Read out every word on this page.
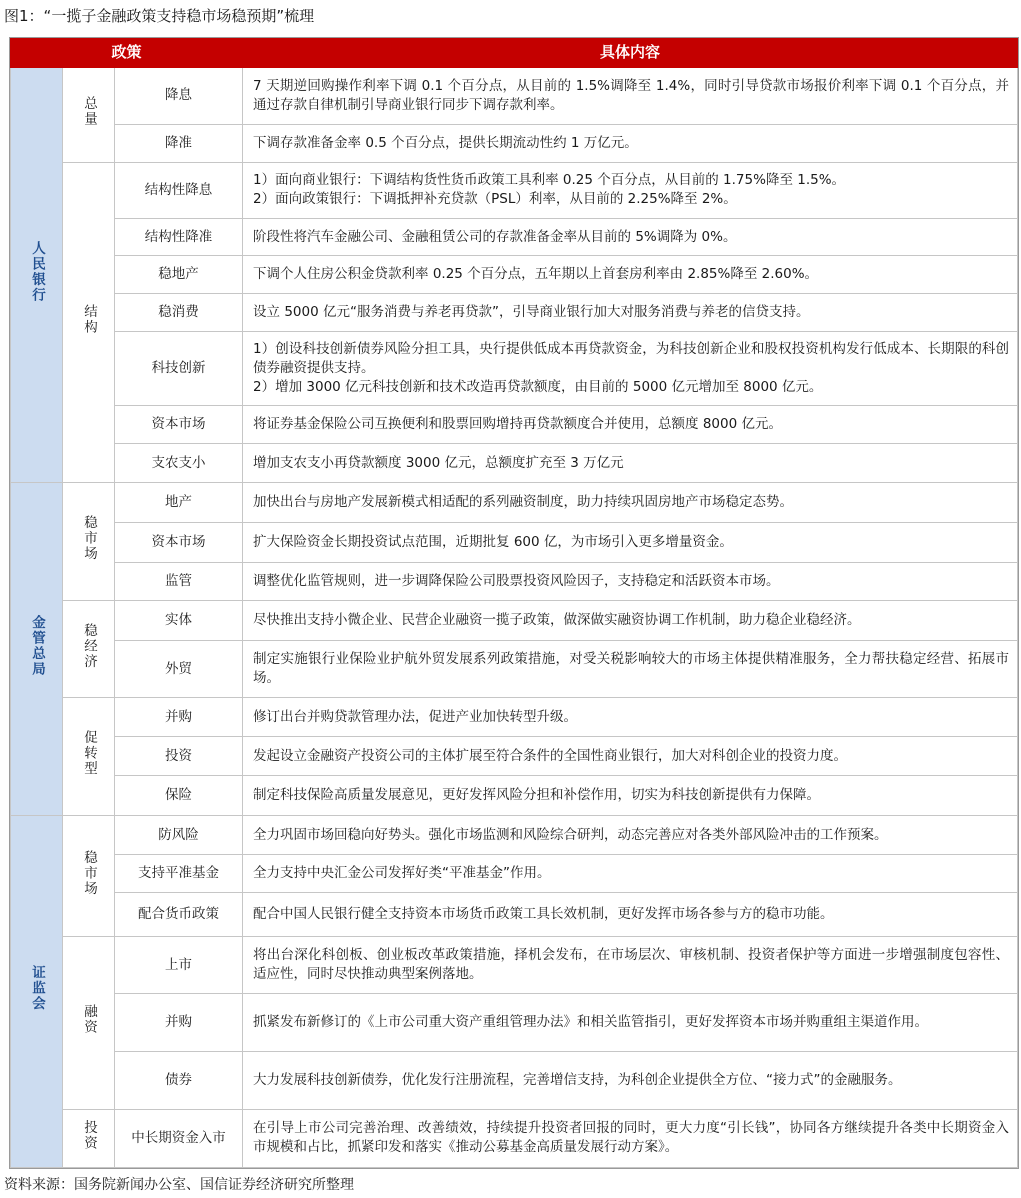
图1：“一揽子金融政策支持稳市场稳预期”梳理
政策			具体内容
人民银行	总量	降息	7 天期逆回购操作利率下调 0.1 个百分点，从目前的 1.5%调降至 1.4%，同时引导贷款市场报价利率下调 0.1 个百分点，并通过存款自律机制引导商业银行同步下调存款利率。

		降准	下调存款准备金率 0.5 个百分点，提供长期流动性约 1 万亿元。

	结构	结构性降息	1）面向商业银行：下调结构货性货币政策工具利率 0.25 个百分点，从目前的 1.75%降至 1.5%。
2）面向政策银行：下调抵押补充贷款（PSL）利率，从目前的 2.25%降至 2%。

		结构性降准	阶段性将汽车金融公司、金融租赁公司的存款准备金率从目前的 5%调降为 0%。

		稳地产	下调个人住房公积金贷款利率 0.25 个百分点，五年期以上首套房利率由 2.85%降至 2.60%。

		稳消费	设立 5000 亿元“服务消费与养老再贷款”，引导商业银行加大对服务消费与养老的信贷支持。

		科技创新	1）创设科技创新债券风险分担工具，央行提供低成本再贷款资金，为科技创新企业和股权投资机构发行低成本、长期限的科创债券融资提供支持。
2）增加 3000 亿元科技创新和技术改造再贷款额度，由目前的 5000 亿元增加至 8000 亿元。

		资本市场	将证券基金保险公司互换便利和股票回购增持再贷款额度合并使用，总额度 8000 亿元。

		支农支小	增加支农支小再贷款额度 3000 亿元，总额度扩充至 3 万亿元

金管总局	稳市场	地产	加快出台与房地产发展新模式相适配的系列融资制度，助力持续巩固房地产市场稳定态势。

		资本市场	扩大保险资金长期投资试点范围，近期批复 600 亿，为市场引入更多增量资金。

		监管	调整优化监管规则，进一步调降保险公司股票投资风险因子，支持稳定和活跃资本市场。

	稳经济	实体	尽快推出支持小微企业、民营企业融资一揽子政策，做深做实融资协调工作机制，助力稳企业稳经济。

		外贸	制定实施银行业保险业护航外贸发展系列政策措施，对受关税影响较大的市场主体提供精准服务，全力帮扶稳定经营、拓展市场。

	促转型	并购	修订出台并购贷款管理办法，促进产业加快转型升级。

		投资	发起设立金融资产投资公司的主体扩展至符合条件的全国性商业银行，加大对科创企业的投资力度。

		保险	制定科技保险高质量发展意见，更好发挥风险分担和补偿作用，切实为科技创新提供有力保障。

证监会	稳市场	防风险	全力巩固市场回稳向好势头。强化市场监测和风险综合研判，动态完善应对各类外部风险冲击的工作预案。

		支持平准基金	全力支持中央汇金公司发挥好类“平准基金”作用。

		配合货币政策	配合中国人民银行健全支持资本市场货币政策工具长效机制，更好发挥市场各参与方的稳市功能。

	融资	上市	将出台深化科创板、创业板改革政策措施，择机会发布，在市场层次、审核机制、投资者保护等方面进一步增强制度包容性、适应性，同时尽快推动典型案例落地。

		并购	抓紧发布新修订的《上市公司重大资产重组管理办法》和相关监管指引，更好发挥资本市场并购重组主渠道作用。

		债券	大力发展科技创新债券，优化发行注册流程，完善增信支持，为科创企业提供全方位、“接力式”的金融服务。

	投资	中长期资金入市	在引导上市公司完善治理、改善绩效，持续提升投资者回报的同时，更大力度“引长钱”，协同各方继续提升各类中长期资金入市规模和占比，抓紧印发和落实《推动公募基金高质量发展行动方案》。
资料来源：国务院新闻办公室、国信证券经济研究所整理
